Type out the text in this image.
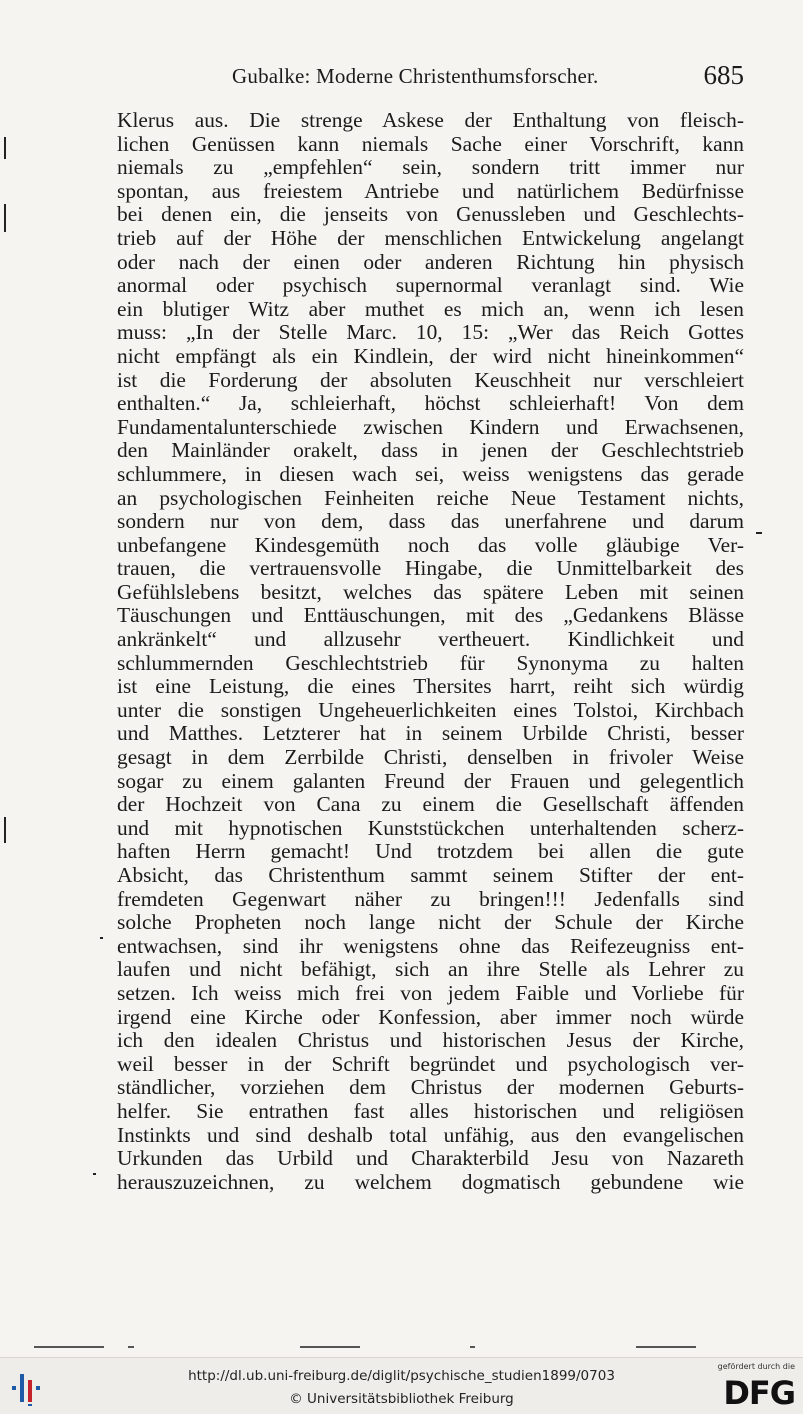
Gubalke: Moderne Christenthumsforscher.	685
Klerus aus. Die strenge Askese der Enthaltung von fleisch-
lichen Genüssen kann niemals Sache einer Vorschrift, kann
niemals zu „empfehlen“ sein, sondern tritt immer nur
spontan, aus freiestem Antriebe und natürlichem Bedürfnisse
bei denen ein, die jenseits von Genussleben und Geschlechts-
trieb auf der Höhe der menschlichen Entwickelung angelangt
oder nach der einen oder anderen Richtung hin physisch
anormal oder psychisch supernormal veranlagt sind. Wie
ein blutiger Witz aber muthet es mich an, wenn ich lesen
muss: „In der Stelle Marc. 10, 15: „Wer das Reich Gottes
nicht empfängt als ein Kindlein, der wird nicht hineinkommen“
ist die Forderung der absoluten Keuschheit nur verschleiert
enthalten.“ Ja, schleierhaft, höchst schleierhaft! Von dem
Fundamentalunterschiede zwischen Kindern und Erwachsenen,
den Mainländer orakelt, dass in jenen der Geschlechtstrieb
schlummere, in diesen wach sei, weiss wenigstens das gerade
an psychologischen Feinheiten reiche Neue Testament nichts,
sondern nur von dem, dass das unerfahrene und darum
unbefangene Kindesgemüth noch das volle gläubige Ver-
trauen, die vertrauensvolle Hingabe, die Unmittelbarkeit des
Gefühlslebens besitzt, welches das spätere Leben mit seinen
Täuschungen und Enttäuschungen, mit des „Gedankens Blässe
ankränkelt“ und allzusehr vertheuert. Kindlichkeit und
schlummernden Geschlechtstrieb für Synonyma zu halten
ist eine Leistung, die eines Thersites harrt, reiht sich würdig
unter die sonstigen Ungeheuerlichkeiten eines Tolstoi, Kirchbach
und Matthes. Letzterer hat in seinem Urbilde Christi, besser
gesagt in dem Zerrbilde Christi, denselben in frivoler Weise
sogar zu einem galanten Freund der Frauen und gelegentlich
der Hochzeit von Cana zu einem die Gesellschaft äffenden
und mit hypnotischen Kunststückchen unterhaltenden scherz-
haften Herrn gemacht! Und trotzdem bei allen die gute
Absicht, das Christenthum sammt seinem Stifter der ent-
fremdeten Gegenwart näher zu bringen!!! Jedenfalls sind
solche Propheten noch lange nicht der Schule der Kirche
entwachsen, sind ihr wenigstens ohne das Reifezeugniss ent-
laufen und nicht befähigt, sich an ihre Stelle als Lehrer zu
setzen. Ich weiss mich frei von jedem Faible und Vorliebe für
irgend eine Kirche oder Konfession, aber immer noch würde
ich den idealen Christus und historischen Jesus der Kirche,
weil besser in der Schrift begründet und psychologisch ver-
ständlicher, vorziehen dem Christus der modernen Geburts-
helfer. Sie entrathen fast alles historischen und religiösen
Instinkts und sind deshalb total unfähig, aus den evangelischen
Urkunden das Urbild und Charakterbild Jesu von Nazareth
herauszuzeichnen, zu welchem dogmatisch gebundene wie
http://dl.ub.uni-freiburg.de/diglit/psychische_studien1899/0703
© Universitätsbibliothek Freiburg
gefördert durch die
DFG
